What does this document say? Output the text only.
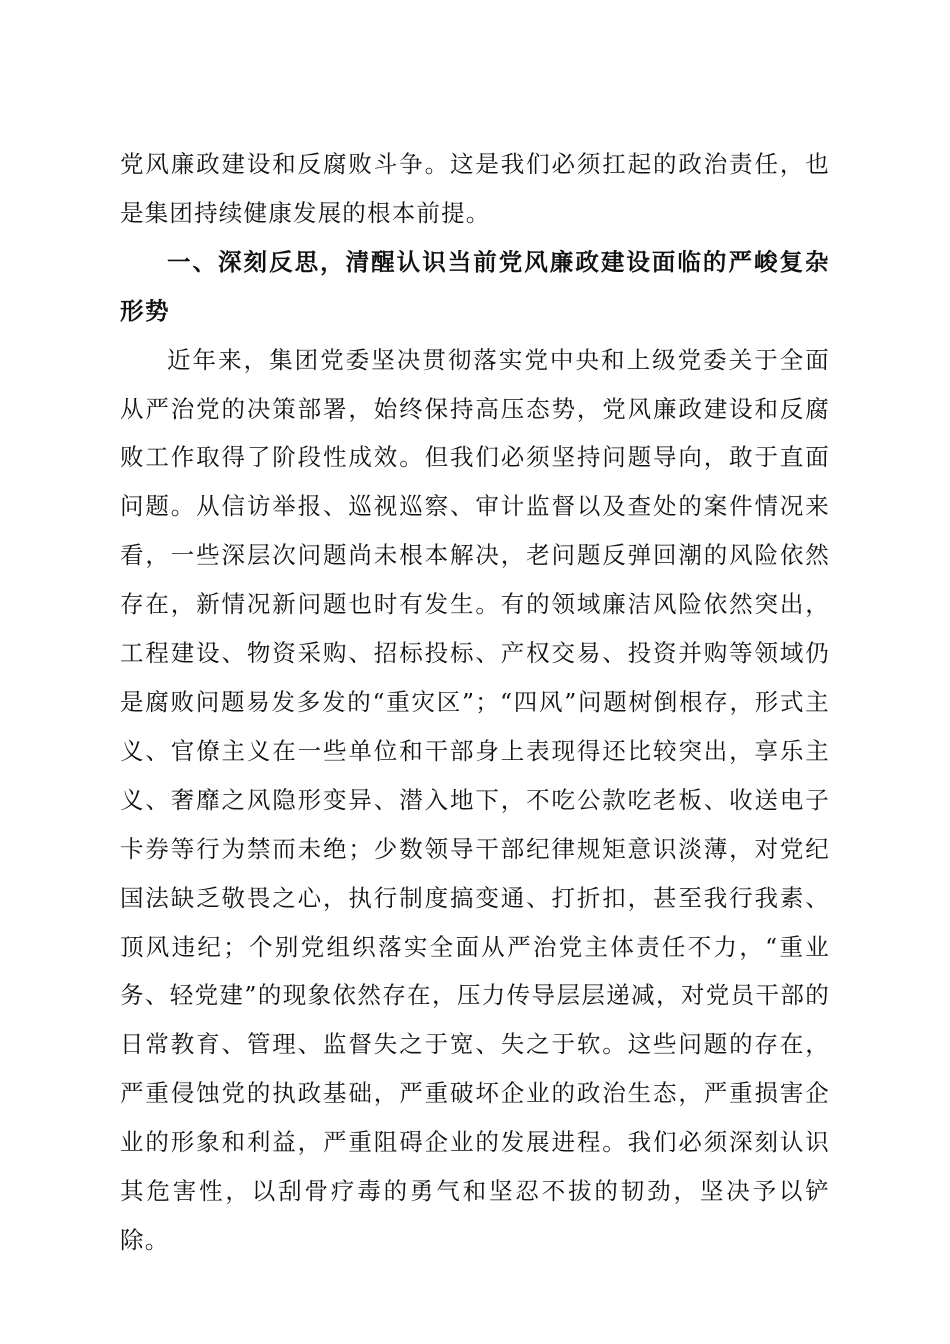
党风廉政建设和反腐败斗争。这是我们必须扛起的政治责任，也是集团持续健康发展的根本前提。

一、深刻反思，清醒认识当前党风廉政建设面临的严峻复杂形势

近年来，集团党委坚决贯彻落实党中央和上级党委关于全面从严治党的决策部署，始终保持高压态势，党风廉政建设和反腐败工作取得了阶段性成效。但我们必须坚持问题导向，敢于直面问题。从信访举报、巡视巡察、审计监督以及查处的案件情况来看，一些深层次问题尚未根本解决，老问题反弹回潮的风险依然存在，新情况新问题也时有发生。有的领域廉洁风险依然突出，工程建设、物资采购、招标投标、产权交易、投资并购等领域仍是腐败问题易发多发的“重灾区”；“四风”问题树倒根存，形式主义、官僚主义在一些单位和干部身上表现得还比较突出，享乐主义、奢靡之风隐形变异、潜入地下，不吃公款吃老板、收送电子卡券等行为禁而未绝；少数领导干部纪律规矩意识淡薄，对党纪国法缺乏敬畏之心，执行制度搞变通、打折扣，甚至我行我素、顶风违纪；个别党组织落实全面从严治党主体责任不力，“重业务、轻党建”的现象依然存在，压力传导层层递减，对党员干部的日常教育、管理、监督失之于宽、失之于软。这些问题的存在，严重侵蚀党的执政基础，严重破坏企业的政治生态，严重损害企业的形象和利益，严重阻碍企业的发展进程。我们必须深刻认识其危害性，以刮骨疗毒的勇气和坚忍不拔的韧劲，坚决予以铲除。
